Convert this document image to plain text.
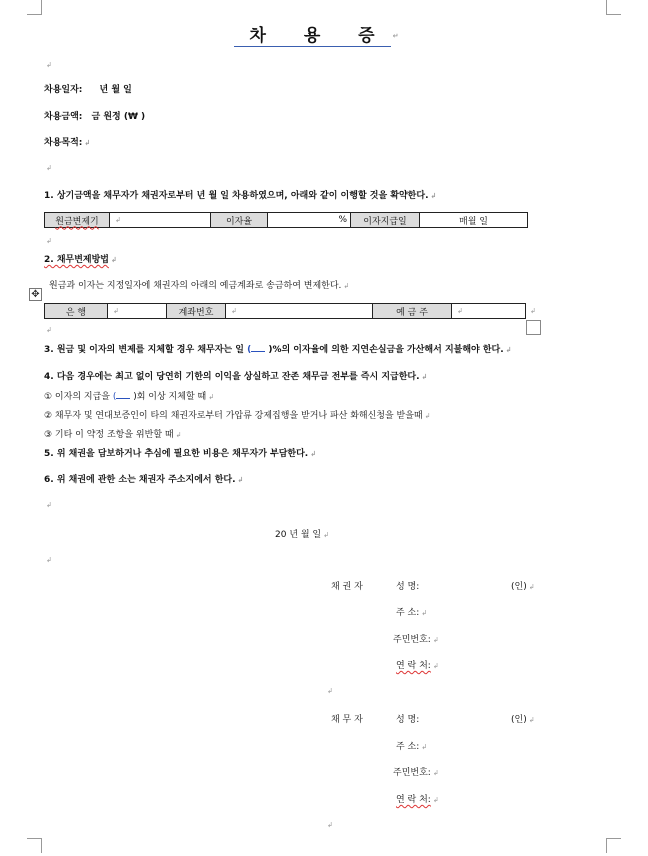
차 용 증 ↵
↲
차용일자: 년 월 일
차용금액: 금 원정 (₩ )
차용목적: ↲
↲
1. 상기금액을 채무자가 채권자로부터 년 월 일 차용하였으며, 아래와 같이 이행할 것을 확약한다. ↲
원금변제기	↲	이자율	%	이자지급일	매월 일
↲
2. 채무변제방법 ↲
원금과 이자는 지정일자에 채권자의 아래의 예금계좌로 송금하여 변제한다. ↲
✥
은 행	↲	계좌번호	↲	예 금 주	↲	↲
↲
3. 원금 및 이자의 변제를 지체할 경우 채무자는 일 ( )%의 이자율에 의한 지연손실금을 가산해서 지불해야 한다. ↲
4. 다음 경우에는 최고 없이 당연히 기한의 이익을 상실하고 잔존 채무금 전부를 즉시 지급한다. ↲
① 이자의 지급을 ( )회 이상 지체할 때 ↲
② 채무자 및 연대보증인이 타의 채권자로부터 가압류 강제집행을 받거나 파산 화해신청을 받을때 ↲
③ 기타 이 약정 조항을 위반할 때 ↲
5. 위 채권을 담보하거나 추심에 필요한 비용은 채무자가 부담한다. ↲
6. 위 채권에 관한 소는 채권자 주소지에서 한다. ↲
↲
20 년 월 일 ↲
↲
채 권 자	성 명:	(인) ↲
주 소: ↲
주민번호: ↲
연 락 처: ↲
↲
채 무 자	성 명:	(인) ↲
주 소: ↲
주민번호: ↲
연 락 처: ↲
↲
